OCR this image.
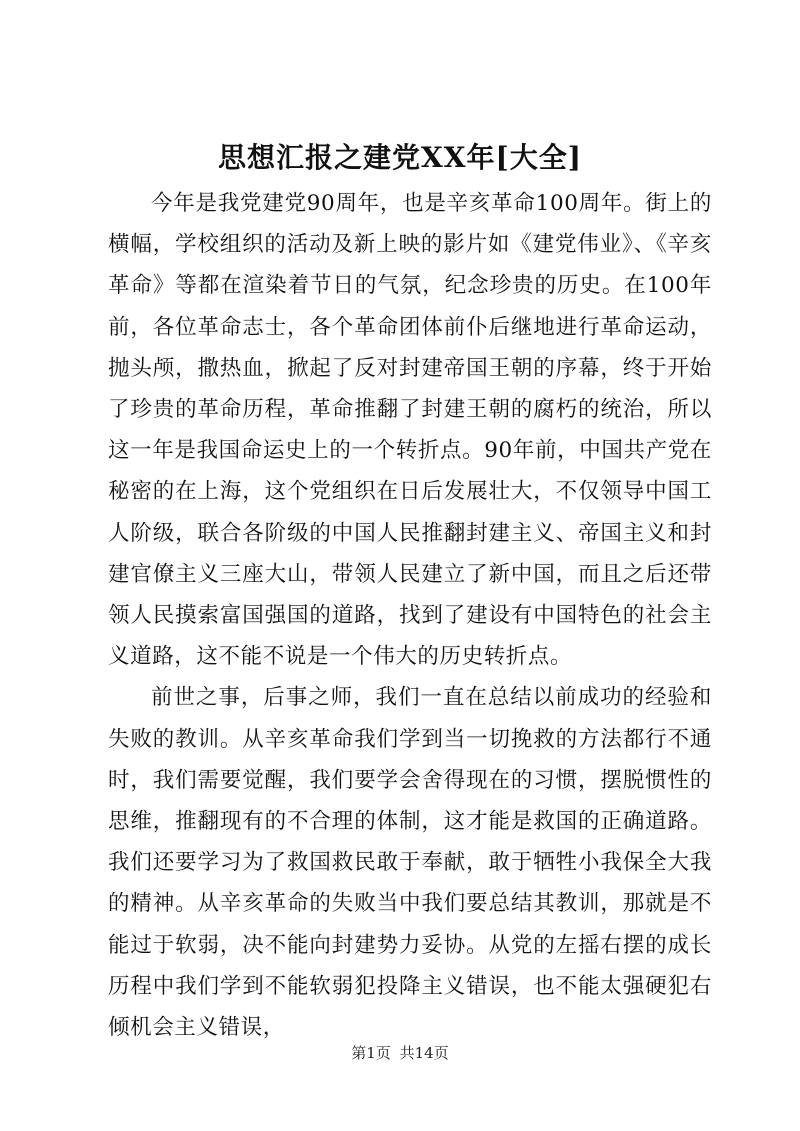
思想汇报之建党XX年[大全]

今年是我党建党90周年，也是辛亥革命100周年。街上的横幅，学校组织的活动及新上映的影片如《建党伟业》、《辛亥革命》等都在渲染着节日的气氛，纪念珍贵的历史。在100年前，各位革命志士，各个革命团体前仆后继地进行革命运动，抛头颅，撒热血，掀起了反对封建帝国王朝的序幕，终于开始了珍贵的革命历程，革命推翻了封建王朝的腐朽的统治，所以这一年是我国命运史上的一个转折点。90年前，中国共产党在秘密的在上海，这个党组织在日后发展壮大，不仅领导中国工人阶级，联合各阶级的中国人民推翻封建主义、帝国主义和封建官僚主义三座大山，带领人民建立了新中国，而且之后还带领人民摸索富国强国的道路，找到了建设有中国特色的社会主义道路，这不能不说是一个伟大的历史转折点。

前世之事，后事之师，我们一直在总结以前成功的经验和失败的教训。从辛亥革命我们学到当一切挽救的方法都行不通时，我们需要觉醒，我们要学会舍得现在的习惯，摆脱惯性的思维，推翻现有的不合理的体制，这才能是救国的正确道路。我们还要学习为了救国救民敢于奉献，敢于牺牲小我保全大我的精神。从辛亥革命的失败当中我们要总结其教训，那就是不能过于软弱，决不能向封建势力妥协。从党的左摇右摆的成长历程中我们学到不能软弱犯投降主义错误，也不能太强硬犯右倾机会主义错误，

第1页 共14页
